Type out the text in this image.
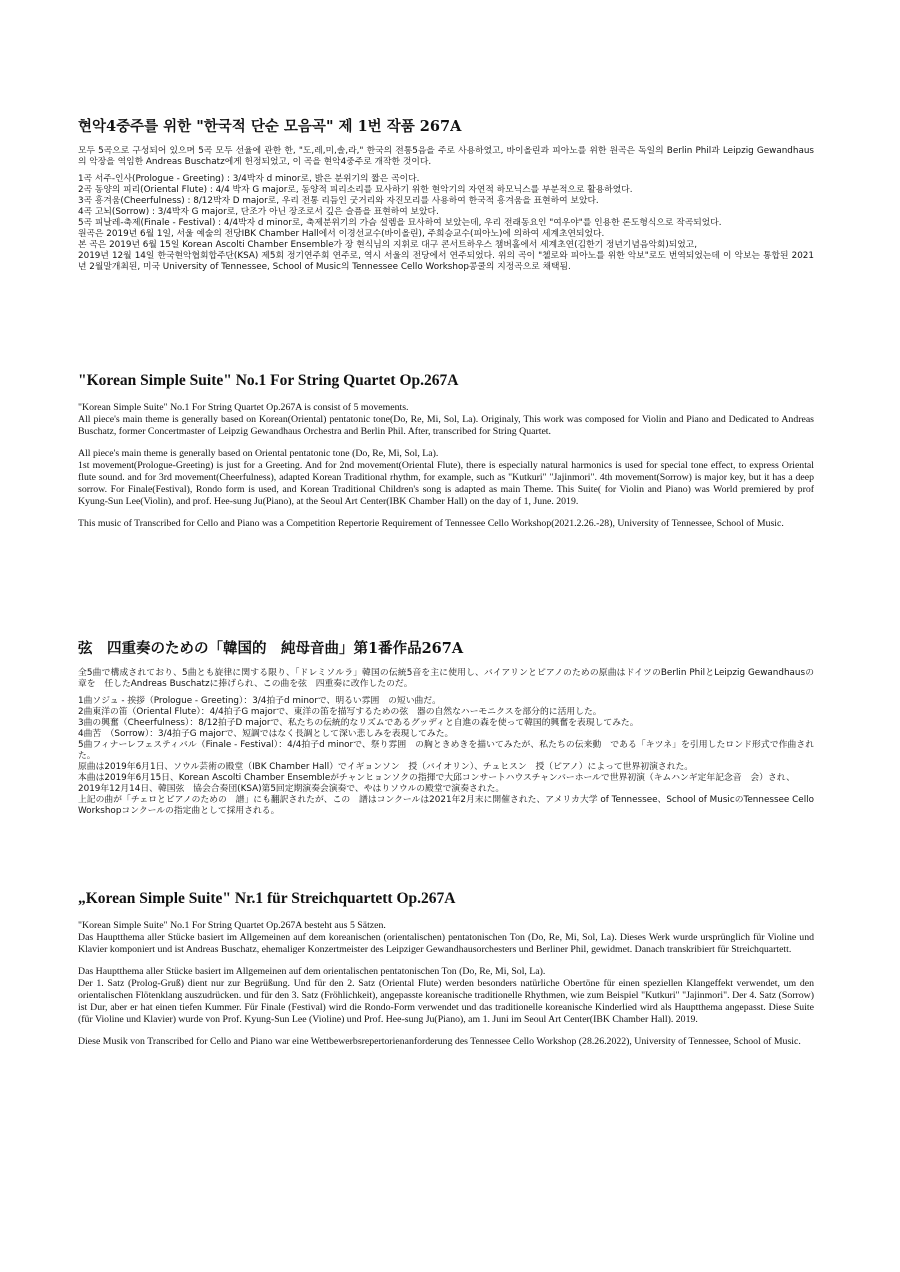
현악4중주를 위한 "한국적 단순 모음곡" 제 1번 작품 267A

모두 5곡으로 구성되어 있으며 5곡 모두 선율에 관한 한, "도,레,미,솔,라," 한국의 전통5음을 주로 사용하였고, 바이올린과 피아노를 위한 원곡은 독일의 Berlin Phil과 Leipzig Gewandhaus의 악장을 역임한 Andreas Buschatz에게 헌정되었고, 이 곡을 현악4중주로 개작한 것이다.

1곡 서주-인사(Prologue - Greeting) : 3/4박자 d minor로, 밝은 분위기의 짧은 곡이다.

2곡 동양의 피리(Oriental Flute) : 4/4 박자 G major로, 동양적 피리소리를 묘사하기 위한 현악기의 자연적 하모닉스를 부분적으로 활용하였다.

3곡 흥겨움(Cheerfulness) : 8/12박자 D major로, 우리 전통 리듬인 굿거리와 자진모리를 사용하여 한국적 흥겨움을 표현하여 보았다.

4곡 고뇌(Sorrow) : 3/4박자 G major로, 단조가 아닌 장조로서 깊은 슬픔을 표현하여 보았다.

5곡 피날레-축제(Finale - Festival) : 4/4박자 d minor로, 축제분위기의 가슴 설렘을 묘사하여 보았는데, 우리 전래동요인 "여우야"를 인용한 론도형식으로 작곡되었다.

원곡은 2019년 6월 1일, 서울 예술의 전당IBK Chamber Hall에서 이경선교수(바이올린), 주희승교수(피아노)에 의하여 세계초연되었다.

본 곡은 2019년 6월 15일 Korean Ascolti Chamber Ensemble가 장 현식님의 지휘로 대구 콘서트하우스 챔버홀에서 세계초연(김한기 정년기념음악회)되었고,

2019년 12월 14일 한국현악협회합주단(KSA) 제5회 정기연주회 연주로, 역시 서울의 전당에서 연주되었다. 위의 곡이 "첼로와 피아노를 위한 악보"로도 번역되었는데 이 악보는 통합된 2021년 2월말개최된, 미국 University of Tennessee, School of Music의 Tennessee Cello Workshop콩쿨의 지정곡으로 채택됨.

"Korean Simple Suite" No.1 For String Quartet Op.267A

"Korean Simple Suite" No.1 For String Quartet Op.267A is consist of 5 movements.

All piece's main theme is generally based on Korean(Oriental) pentatonic tone(Do, Re, Mi, Sol, La). Originaly, This work was composed for Violin and Piano and Dedicated to Andreas Buschatz, former Concertmaster of Leipzig Gewandhaus Orchestra and Berlin Phil. After, transcribed for String Quartet.

All piece's main theme is generally based on Oriental pentatonic tone (Do, Re, Mi, Sol, La).

1st movement(Prologue-Greeting) is just for a Greeting. And for 2nd movement(Oriental Flute), there is especially natural harmonics is used for special tone effect, to express Oriental flute sound. and for 3rd movement(Cheerfulness), adapted Korean Traditional rhythm, for example, such as "Kutkuri" "Jajinmori". 4th movement(Sorrow) is major key, but it has a deep sorrow. For Finale(Festival), Rondo form is used, and Korean Traditional Children's song is adapted as main Theme. This Suite( for Violin and Piano) was World premiered by prof Kyung-Sun Lee(Violin), and prof. Hee-sung Ju(Piano), at the Seoul Art Center(IBK Chamber Hall) on the day of 1, June. 2019.

This music of Transcribed for Cello and Piano was a Competition Repertorie Requirement of Tennessee Cello Workshop(2021.2.26.-28), University of Tennessee, School of Music.

弦　四重奏のための「韓国的　純母音曲」第1番作品267A

全5曲で構成されており、5曲とも旋律に関する限り、「ドレミソルラ」韓国の伝統5音を主に使用し、バイアリンとピアノのための原曲はドイツのBerlin PhilとLeipzig Gewandhausの　章を　任したAndreas Buschatzに捧げられ、この曲を弦　四重奏に改作したのだ。

1曲ソジュ - 挨拶（Prologue - Greeting）：3/4拍子d minorで、明るい雰囲　の短い曲だ。

2曲東洋の笛（Oriental Flute）：4/4拍子G majorで、東洋の笛を描写するための弦　器の自然なハーモニクスを部分的に活用した。

3曲の興奮（Cheerfulness）：8/12拍子D majorで、私たちの伝統的なリズムであるグッディと自進の森を使って韓国的興奮を表現してみた。

4曲苦　（Sorrow）：3/4拍子G majorで、短調ではなく長調として深い悲しみを表現してみた。

5曲フィナーレフェスティバル（Finale - Festival）：4/4拍子d minorで、祭り雰囲　の胸ときめきを描いてみたが、私たちの伝来動　である「キツネ」を引用したロンド形式で作曲された。

原曲は2019年6月1日、ソウル芸術の殿堂（IBK Chamber Hall）でイギョンソン　授（バイオリン）、チュヒスン　授（ピアノ）によって世界初演された。

本曲は2019年6月15日、Korean Ascolti Chamber Ensembleがチャンヒョンソクの指揮で大邱コンサートハウスチャンバーホールで世界初演（キムハンギ定年記念音　会）され、

2019年12月14日、韓国弦　協会合奏団(KSA)第5回定期演奏会演奏で、やはりソウルの殿堂で演奏された。

上記の曲が「チェロとピアノのための　譜」にも翻訳されたが、この　譜はコンクールは2021年2月末に開催された、アメリカ大学 of Tennessee、School of MusicのTennessee Cello Workshopコンクールの指定曲として採用される。

„Korean Simple Suite" Nr.1 für Streichquartett Op.267A

"Korean Simple Suite" No.1 For String Quartet Op.267A besteht aus 5 Sätzen.

Das Hauptthema aller Stücke basiert im Allgemeinen auf dem koreanischen (orientalischen) pentatonischen Ton (Do, Re, Mi, Sol, La). Dieses Werk wurde ursprünglich für Violine und Klavier komponiert und ist Andreas Buschatz, ehemaliger Konzertmeister des Leipziger Gewandhausorchesters und Berliner Phil, gewidmet. Danach transkribiert für Streichquartett.

Das Hauptthema aller Stücke basiert im Allgemeinen auf dem orientalischen pentatonischen Ton (Do, Re, Mi, Sol, La).

Der 1. Satz (Prolog-Gruß) dient nur zur Begrüßung. Und für den 2. Satz (Oriental Flute) werden besonders natürliche Obertöne für einen speziellen Klangeffekt verwendet, um den orientalischen Flötenklang auszudrücken. und für den 3. Satz (Fröhlichkeit), angepasste koreanische traditionelle Rhythmen, wie zum Beispiel "Kutkuri" "Jajinmori". Der 4. Satz (Sorrow) ist Dur, aber er hat einen tiefen Kummer. Für Finale (Festival) wird die Rondo-Form verwendet und das traditionelle koreanische Kinderlied wird als Hauptthema angepasst. Diese Suite (für Violine und Klavier) wurde von Prof. Kyung-Sun Lee (Violine) und Prof. Hee-sung Ju(Piano), am 1. Juni im Seoul Art Center(IBK Chamber Hall). 2019.

Diese Musik von Transcribed for Cello and Piano war eine Wettbewerbsrepertorienanforderung des Tennessee Cello Workshop (28.26.2022), University of Tennessee, School of Music.
